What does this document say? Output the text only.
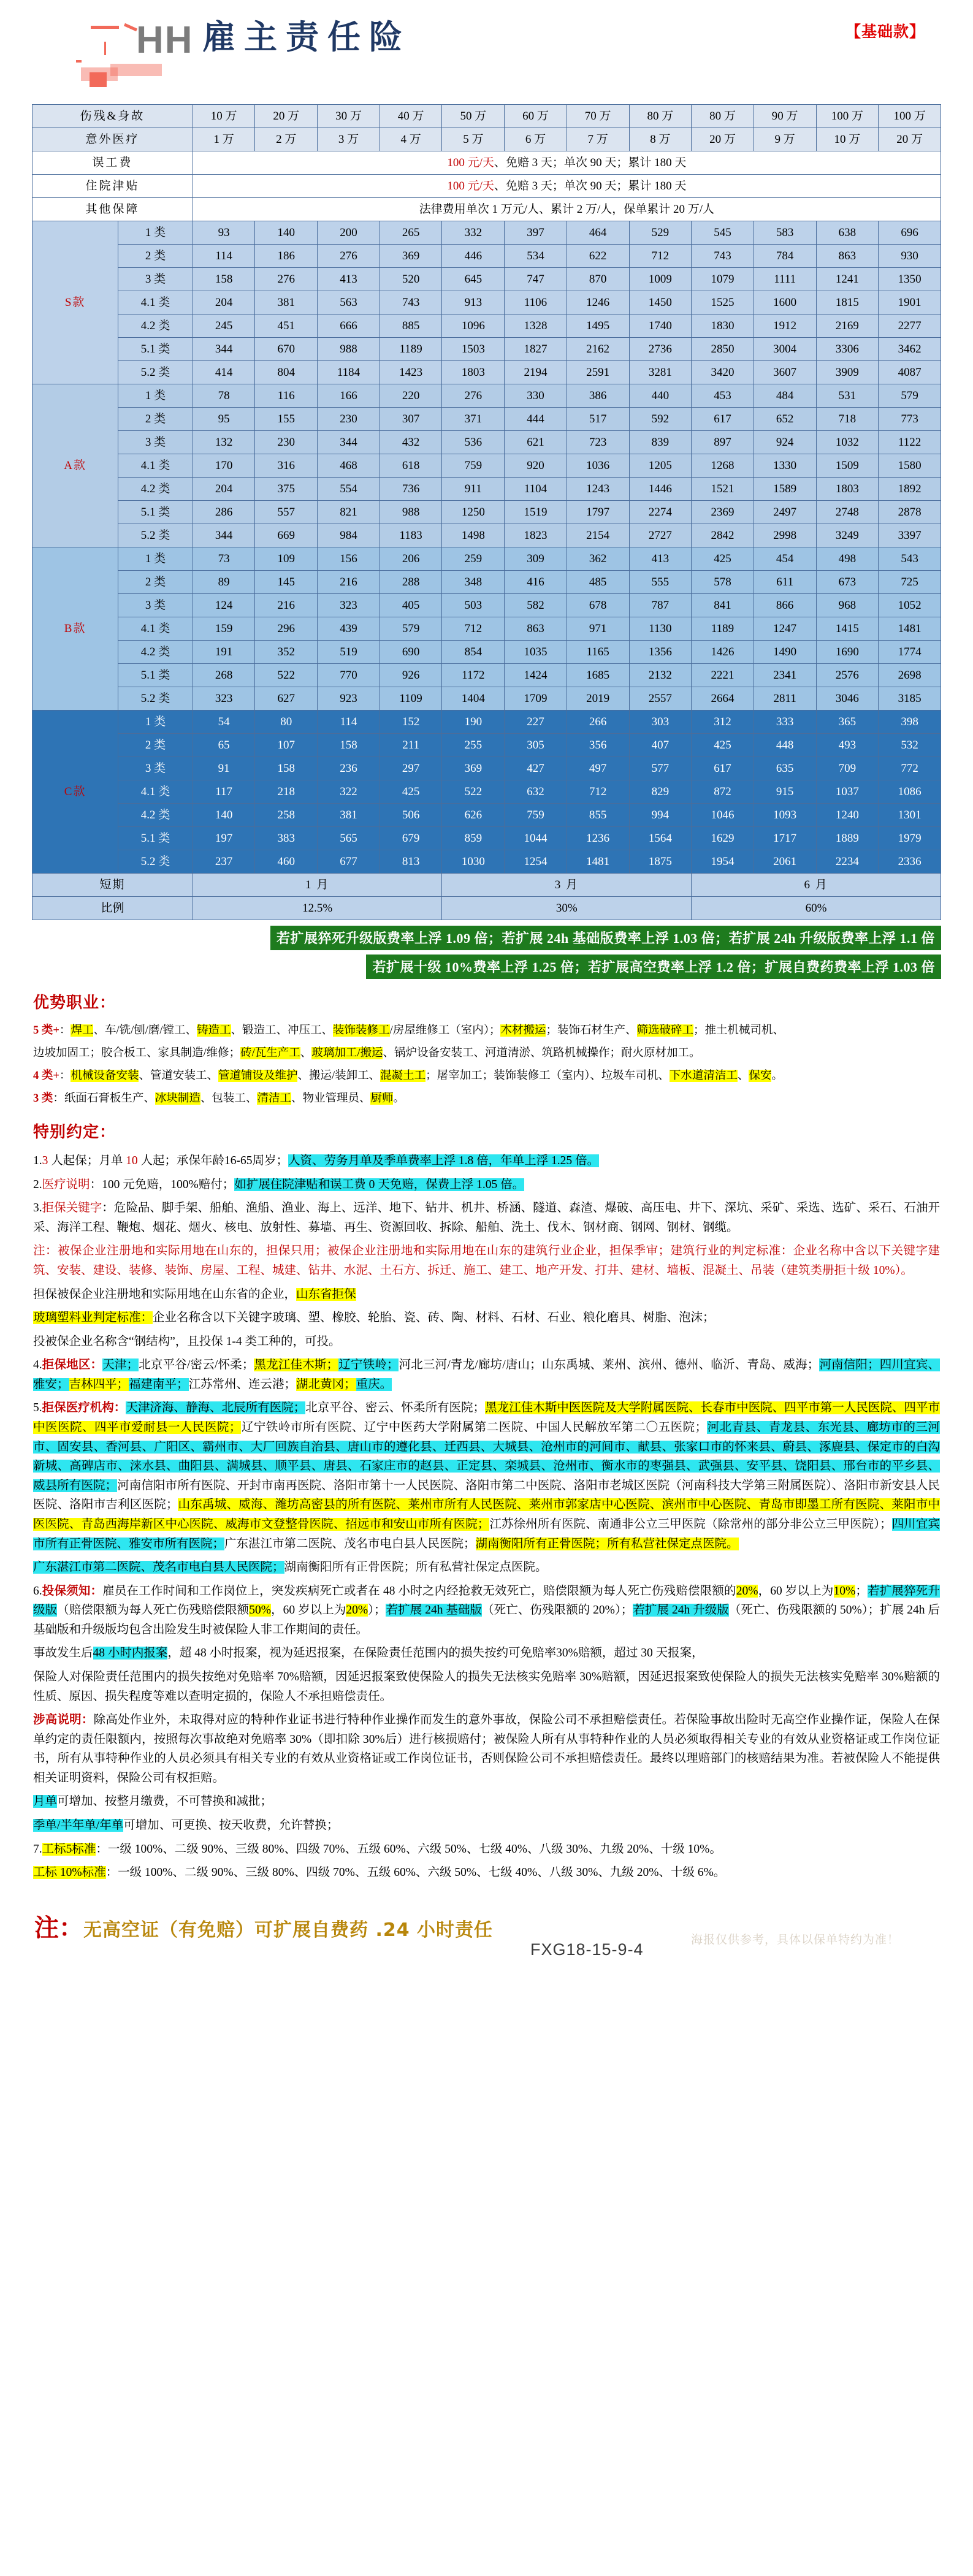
HH 雇主责任险	【基础款】
伤残&身故		10 万	20 万	30 万	40 万	50 万	60 万	70 万	80 万	80 万	90 万	100 万	100 万
意外医疗		1 万	2 万	3 万	4 万	5 万	6 万	7 万	8 万	20 万	9 万	10 万	20 万
误工费		100 元/天、免赔 3 天；单次 90 天；累计 180 天											
住院津贴		100 元/天、免赔 3 天；单次 90 天；累计 180 天											
其他保障		法律费用单次 1 万元/人、累计 2 万/人，保单累计 20 万/人											
S款	1 类	93	140	200	265	332	397	464	529	545	583	638	696
	2 类	114	186	276	369	446	534	622	712	743	784	863	930
	3 类	158	276	413	520	645	747	870	1009	1079	1111	1241	1350
	4.1 类	204	381	563	743	913	1106	1246	1450	1525	1600	1815	1901
	4.2 类	245	451	666	885	1096	1328	1495	1740	1830	1912	2169	2277
	5.1 类	344	670	988	1189	1503	1827	2162	2736	2850	3004	3306	3462
	5.2 类	414	804	1184	1423	1803	2194	2591	3281	3420	3607	3909	4087
A款	1 类	78	116	166	220	276	330	386	440	453	484	531	579
	2 类	95	155	230	307	371	444	517	592	617	652	718	773
	3 类	132	230	344	432	536	621	723	839	897	924	1032	1122
	4.1 类	170	316	468	618	759	920	1036	1205	1268	1330	1509	1580
	4.2 类	204	375	554	736	911	1104	1243	1446	1521	1589	1803	1892
	5.1 类	286	557	821	988	1250	1519	1797	2274	2369	2497	2748	2878
	5.2 类	344	669	984	1183	1498	1823	2154	2727	2842	2998	3249	3397
B款	1 类	73	109	156	206	259	309	362	413	425	454	498	543
	2 类	89	145	216	288	348	416	485	555	578	611	673	725
	3 类	124	216	323	405	503	582	678	787	841	866	968	1052
	4.1 类	159	296	439	579	712	863	971	1130	1189	1247	1415	1481
	4.2 类	191	352	519	690	854	1035	1165	1356	1426	1490	1690	1774
	5.1 类	268	522	770	926	1172	1424	1685	2132	2221	2341	2576	2698
	5.2 类	323	627	923	1109	1404	1709	2019	2557	2664	2811	3046	3185
C款	1 类	54	80	114	152	190	227	266	303	312	333	365	398
	2 类	65	107	158	211	255	305	356	407	425	448	493	532
	3 类	91	158	236	297	369	427	497	577	617	635	709	772
	4.1 类	117	218	322	425	522	632	712	829	872	915	1037	1086
	4.2 类	140	258	381	506	626	759	855	994	1046	1093	1240	1301
	5.1 类	197	383	565	679	859	1044	1236	1564	1629	1717	1889	1979
	5.2 类	237	460	677	813	1030	1254	1481	1875	1954	2061	2234	2336
短期		1 月				3 月				6 月			
比例		12.5%				30%				60%			
若扩展猝死升级版费率上浮 1.09 倍；若扩展 24h 基础版费率上浮 1.03 倍；若扩展 24h 升级版费率上浮 1.1 倍
若扩展十级 10%费率上浮 1.25 倍；若扩展高空费率上浮 1.2 倍；扩展自费药费率上浮 1.03 倍
优势职业：

5 类+：焊工、车/铣/刨/磨/镗工、铸造工、锻造工、冲压工、装饰装修工/房屋维修工（室内）；木材搬运；装饰石材生产、筛选破碎工；推土机械司机、

边坡加固工；胶合板工、家具制造/维修；砖/瓦生产工、玻璃加工/搬运、锅炉设备安装工、河道清淤、筑路机械操作；耐火原材加工。

4 类+：机械设备安装、管道安装工、管道铺设及维护、搬运/装卸工、混凝土工；屠宰加工；装饰装修工（室内）、垃圾车司机、下水道清洁工、保安。

3 类：纸面石膏板生产、冰块制造、包装工、清洁工、物业管理员、厨师。

特别约定：

1.3 人起保；月单 10 人起；承保年龄16-65周岁；人资、劳务月单及季单费率上浮 1.8 倍，年单上浮 1.25 倍。

2.医疗说明：100 元免赔，100%赔付；如扩展住院津贴和误工费 0 天免赔，保费上浮 1.05 倍。

3.拒保关键字：危险品、脚手架、船舶、渔船、渔业、海上、远洋、地下、钻井、机井、桥涵、隧道、森渣、爆破、高压电、井下、深坑、采矿、采选、选矿、采石、石油开采、海洋工程、鞭炮、烟花、烟火、核电、放射性、募墙、再生、资源回收、拆除、船舶、洗土、伐木、钢材商、钢网、钢材、钢缆。

注：被保企业注册地和实际用地在山东的，担保只用；被保企业注册地和实际用地在山东的建筑行业企业，担保季审；建筑行业的判定标准：企业名称中含以下关键字建筑、安装、建设、装修、装饰、房屋、工程、城建、钻井、水泥、土石方、拆迁、施工、建工、地产开发、打井、建材、墙板、混凝土、吊装（建筑类册拒十级 10%）。

担保被保企业注册地和实际用地在山东省的企业，山东省拒保

玻璃塑料业判定标准：企业名称含以下关键字玻璃、塑、橡胶、轮胎、瓷、砖、陶、材料、石材、石业、粮化磨具、树脂、泡沫；

投被保企业名称含“钢结构”，且投保 1-4 类工种的，可投。

4.拒保地区：天津；北京平谷/密云/怀柔；黑龙江佳木斯；辽宁铁岭；河北三河/青龙/廊坊/唐山；山东禹城、莱州、滨州、德州、临沂、青岛、威海；河南信阳；四川宜宾、雅安；吉林四平；福建南平；江苏常州、连云港；湖北黄冈；重庆。

5.拒保医疗机构：天津济海、静海、北辰所有医院；北京平谷、密云、怀柔所有医院；黑龙江佳木斯中医医院及大学附属医院、长春市中医院、四平市第一人民医院、四平市中医医院、四平市爱耐县一人民医院；辽宁铁岭市所有医院、辽宁中医药大学附属第二医院、中国人民解放军第二〇五医院；河北青县、青龙县、东光县、廊坊市的三河市、固安县、香河县、广阳区、霸州市、大厂回族自治县、唐山市的遵化县、迁西县、大城县、沧州市的河间市、献县、张家口市的怀来县、蔚县、涿鹿县、保定市的白沟新城、高碑店市、涞水县、曲阳县、满城县、顺平县、唐县、石家庄市的赵县、正定县、栾城县、沧州市、衡水市的枣强县、武强县、安平县、饶阳县、邢台市的平乡县、威县所有医院；河南信阳市所有医院、开封市南再医院、洛阳市第十一人民医院、洛阳市第二中医院、洛阳市老城区医院（河南科技大学第三附属医院）、洛阳市新安县人民医院、洛阳市吉利区医院；山东禹城、威海、潍坊高密县的所有医院、莱州市所有人民医院、莱州市郭家店中心医院、滨州市中心医院、青岛市即墨工所有医院、莱阳市中医医院、青岛西海岸新区中心医院、威海市文登整骨医院、招远市和安山市所有医院；江苏徐州所有医院、南通非公立三甲医院（除常州的部分非公立三甲医院）；四川宜宾市所有正骨医院、雅安市所有医院；广东湛江市第二医院、茂名市电白县人民医院；湖南衡阳所有正骨医院；所有私营社保定点医院。

广东湛江市第二医院、茂名市电白县人民医院；湖南衡阳所有正骨医院；所有私营社保定点医院。

6.投保须知：雇员在工作时间和工作岗位上，突发疾病死亡或者在 48 小时之内经抢救无效死亡，赔偿限额为每人死亡伤残赔偿限额的20%，60 岁以上为10%；若扩展猝死升级版（赔偿限额为每人死亡伤残赔偿限额50%，60 岁以上为20%）；若扩展 24h 基础版（死亡、伤残限额的 20%）；若扩展 24h 升级版（死亡、伤残限额的 50%）；扩展 24h 后基础版和升级版均包含出险发生时被保险人非工作期间的责任。

事故发生后48 小时内报案，超 48 小时报案，视为延迟报案，在保险责任范围内的损失按约可免赔率30%赔额，超过 30 天报案，

保险人对保险责任范围内的损失按绝对免赔率 70%赔额，因延迟报案致使保险人的损失无法核实免赔率 30%赔额，因延迟报案致使保险人的损失无法核实免赔率 30%赔额的性质、原因、损失程度等难以查明定损的，保险人不承担赔偿责任。

涉高说明：除高处作业外，未取得对应的特种作业证书进行特种作业操作而发生的意外事故，保险公司不承担赔偿责任。若保险事故出险时无高空作业操作证，保险人在保单约定的责任限额内，按照每次事故绝对免赔率 30%（即扣除 30%后）进行核损赔付；被保险人所有从事特种作业的人员必须取得相关专业的有效从业资格证或工作岗位证书，所有从事特种作业的人员必须具有相关专业的有效从业资格证或工作岗位证书，否则保险公司不承担赔偿责任。最终以理赔部门的核赔结果为准。若被保险人不能提供相关证明资料，保险公司有权拒赔。

月单可增加、按整月缴费，不可替换和减批；

季单/半年单/年单可增加、可更换、按天收费，允许替换；

7.工标5标准：一级 100%、二级 90%、三级 80%、四级 70%、五级 60%、六级 50%、七级 40%、八级 30%、九级 20%、十级 10%。

工标 10%标准：一级 100%、二级 90%、三级 80%、四级 70%、五级 60%、六级 50%、七级 40%、八级 30%、九级 20%、十级 6%。

注：无高空证（有免赔）可扩展自费药 .24 小时责任	海报仅供参考，具体以保单特约为准！
FXG18-15-9-4
